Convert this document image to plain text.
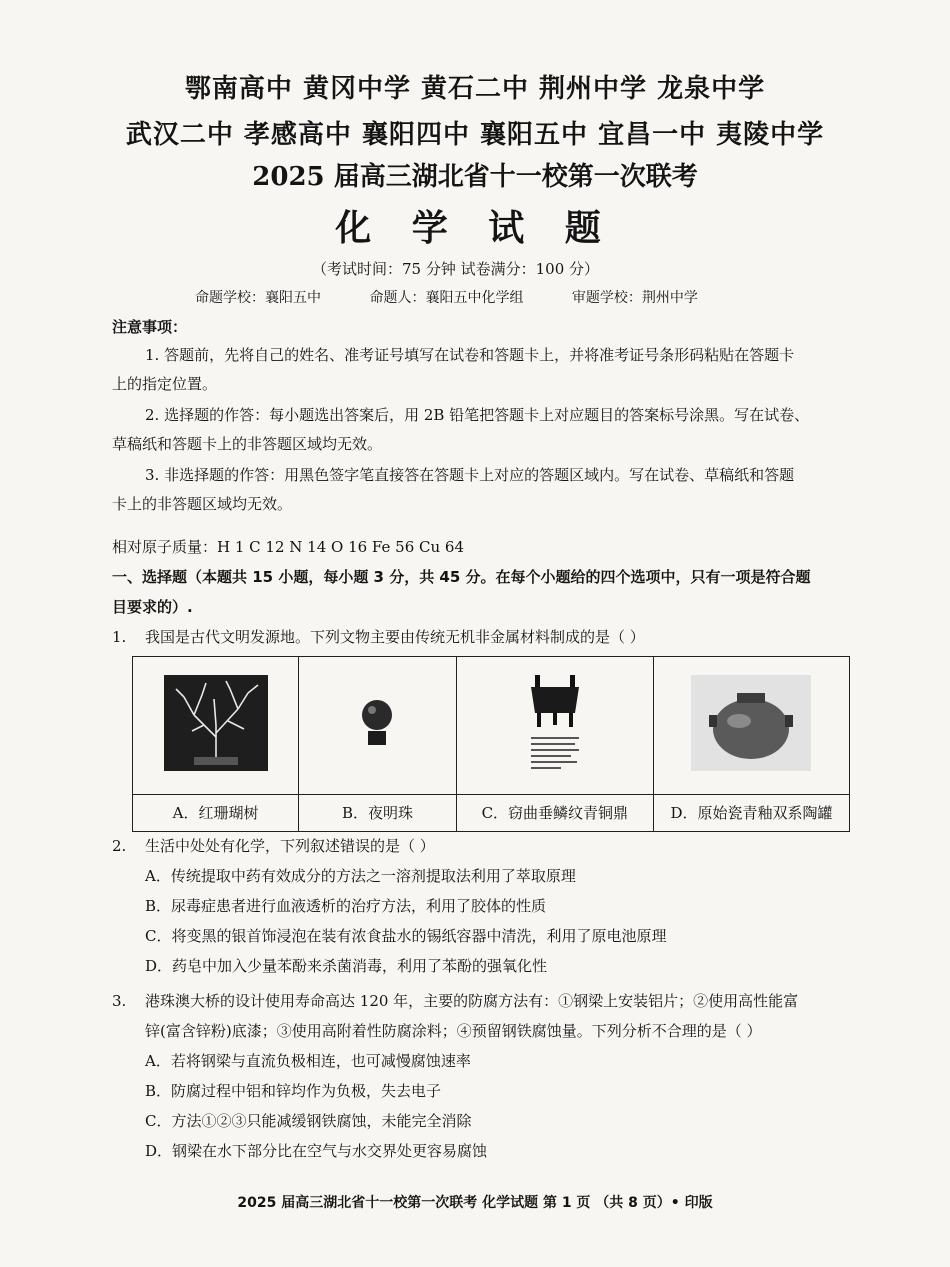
鄂南高中 黄冈中学 黄石二中 荆州中学 龙泉中学
武汉二中 孝感高中 襄阳四中 襄阳五中 宜昌一中 夷陵中学
2025 届高三湖北省十一校第一次联考
化 学 试 题
（考试时间：75 分钟 试卷满分：100 分）
命题学校：襄阳五中	命题人：襄阳五中化学组	审题学校：荆州中学
注意事项：
1. 答题前，先将自己的姓名、准考证号填写在试卷和答题卡上，并将准考证号条形码粘贴在答题卡
上的指定位置。
2. 选择题的作答：每小题选出答案后，用 2B 铅笔把答题卡上对应题目的答案标号涂黑。写在试卷、
草稿纸和答题卡上的非答题区域均无效。
3. 非选择题的作答：用黑色签字笔直接答在答题卡上对应的答题区域内。写在试卷、草稿纸和答题
卡上的非答题区域均无效。
相对原子质量：H 1 C 12 N 14 O 16 Fe 56 Cu 64
一、选择题（本题共 15 小题，每小题 3 分，共 45 分。在每个小题给的四个选项中，只有一项是符合题
目要求的）.
1. 我国是古代文明发源地。下列文物主要由传统无机非金属材料制成的是（ ）

A．红珊瑚树	B．夜明珠	C．窃曲垂鳞纹青铜鼎	D．原始瓷青釉双系陶罐
2. 生活中处处有化学，下列叙述错误的是（ ）
A．传统提取中药有效成分的方法之一溶剂提取法利用了萃取原理
B．尿毒症患者进行血液透析的治疗方法，利用了胶体的性质
C．将变黑的银首饰浸泡在装有浓食盐水的锡纸容器中清洗，利用了原电池原理
D．药皂中加入少量苯酚来杀菌消毒，利用了苯酚的强氧化性
3. 港珠澳大桥的设计使用寿命高达 120 年，主要的防腐方法有：①钢梁上安装铝片；②使用高性能富
锌(富含锌粉)底漆；③使用高附着性防腐涂料；④预留钢铁腐蚀量。下列分析不合理的是（ ）
A．若将钢梁与直流负极相连，也可减慢腐蚀速率
B．防腐过程中铝和锌均作为负极，失去电子
C．方法①②③只能减缓钢铁腐蚀，未能完全消除
D．钢梁在水下部分比在空气与水交界处更容易腐蚀
2025 届高三湖北省十一校第一次联考 化学试题 第 1 页 （共 8 页）• 印版
